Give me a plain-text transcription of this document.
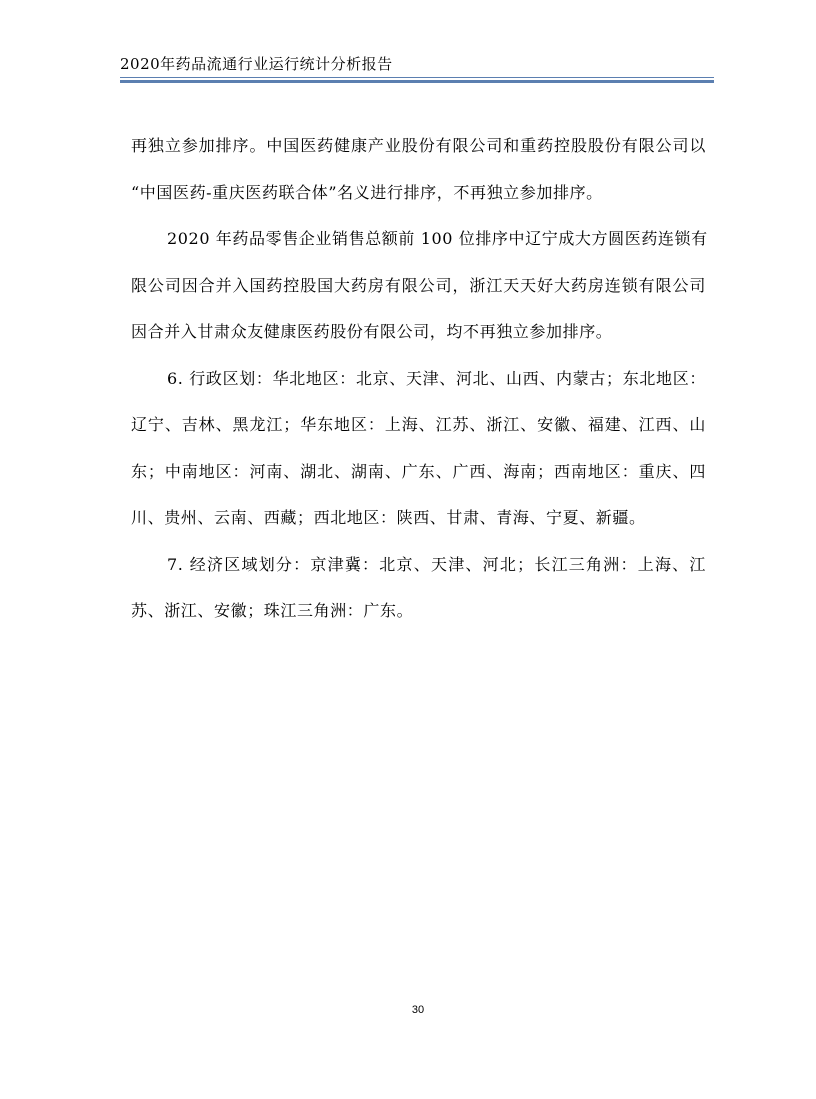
2020年药品流通行业运行统计分析报告

再独立参加排序。中国医药健康产业股份有限公司和重药控股股份有限公司以
“中国医药-重庆医药联合体”名义进行排序，不再独立参加排序。

2020 年药品零售企业销售总额前 100 位排序中辽宁成大方圆医药连锁有
限公司因合并入国药控股国大药房有限公司，浙江天天好大药房连锁有限公司
因合并入甘肃众友健康医药股份有限公司，均不再独立参加排序。

6. 行政区划：华北地区：北京、天津、河北、山西、内蒙古；东北地区：
辽宁、吉林、黑龙江；华东地区：上海、江苏、浙江、安徽、福建、江西、山
东；中南地区：河南、湖北、湖南、广东、广西、海南；西南地区：重庆、四
川、贵州、云南、西藏；西北地区：陕西、甘肃、青海、宁夏、新疆。

7. 经济区域划分：京津冀：北京、天津、河北；长江三角洲：上海、江
苏、浙江、安徽；珠江三角洲：广东。

30
